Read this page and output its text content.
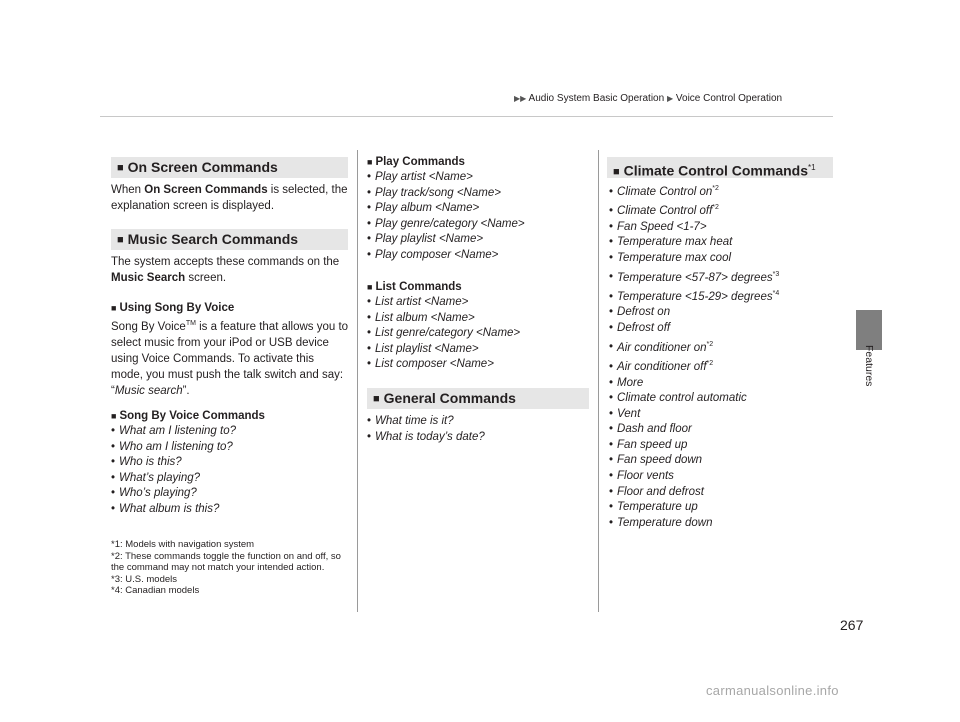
▶▶ Audio System Basic Operation ▶ Voice Control Operation
Features
■ On Screen Commands

When On Screen Commands is selected, the explanation screen is displayed.

■ Music Search Commands

The system accepts these commands on the Music Search screen.

■ Using Song By Voice

Song By Voice™ is a feature that allows you to select music from your iPod or USB device using Voice Commands. To activate this mode, you must push the talk switch and say: “Music search”.

■ Song By Voice Commands

• What am I listening to?
• Who am I listening to?
• Who is this?
• What’s playing?
• Who’s playing?
• What album is this?

*1: Models with navigation system

*2: These commands toggle the function on and off, so the command may not match your intended action.

*3: U.S. models

*4: Canadian models

■ Play Commands

• Play artist <Name>
• Play track/song <Name>
• Play album <Name>
• Play genre/category <Name>
• Play playlist <Name>
• Play composer <Name>

■ List Commands

• List artist <Name>
• List album <Name>
• List genre/category <Name>
• List playlist <Name>
• List composer <Name>
■ General Commands
• What time is it?
• What is today’s date?
■ Climate Control Commands$^{*1}$
• Climate Control $on^{*2}$
• Climate Control off$^{*2}$
• Fan Speed <1-7>
• Temperature max heat
• Temperature max cool
• Temperature <57-87> degrees$^{*3}$
• Temperature <15-29> degrees$^{*4}$
• Defrost on
• Defrost off
• Air conditioner $on^{*2}$
• Air conditioner off$^{*2}$
• More
• Climate control automatic
• Vent
• Dash and floor
• Fan speed up
• Fan speed down
• Floor vents
• Floor and defrost
• Temperature up
• Temperature down
267
carmanualsonline.info
